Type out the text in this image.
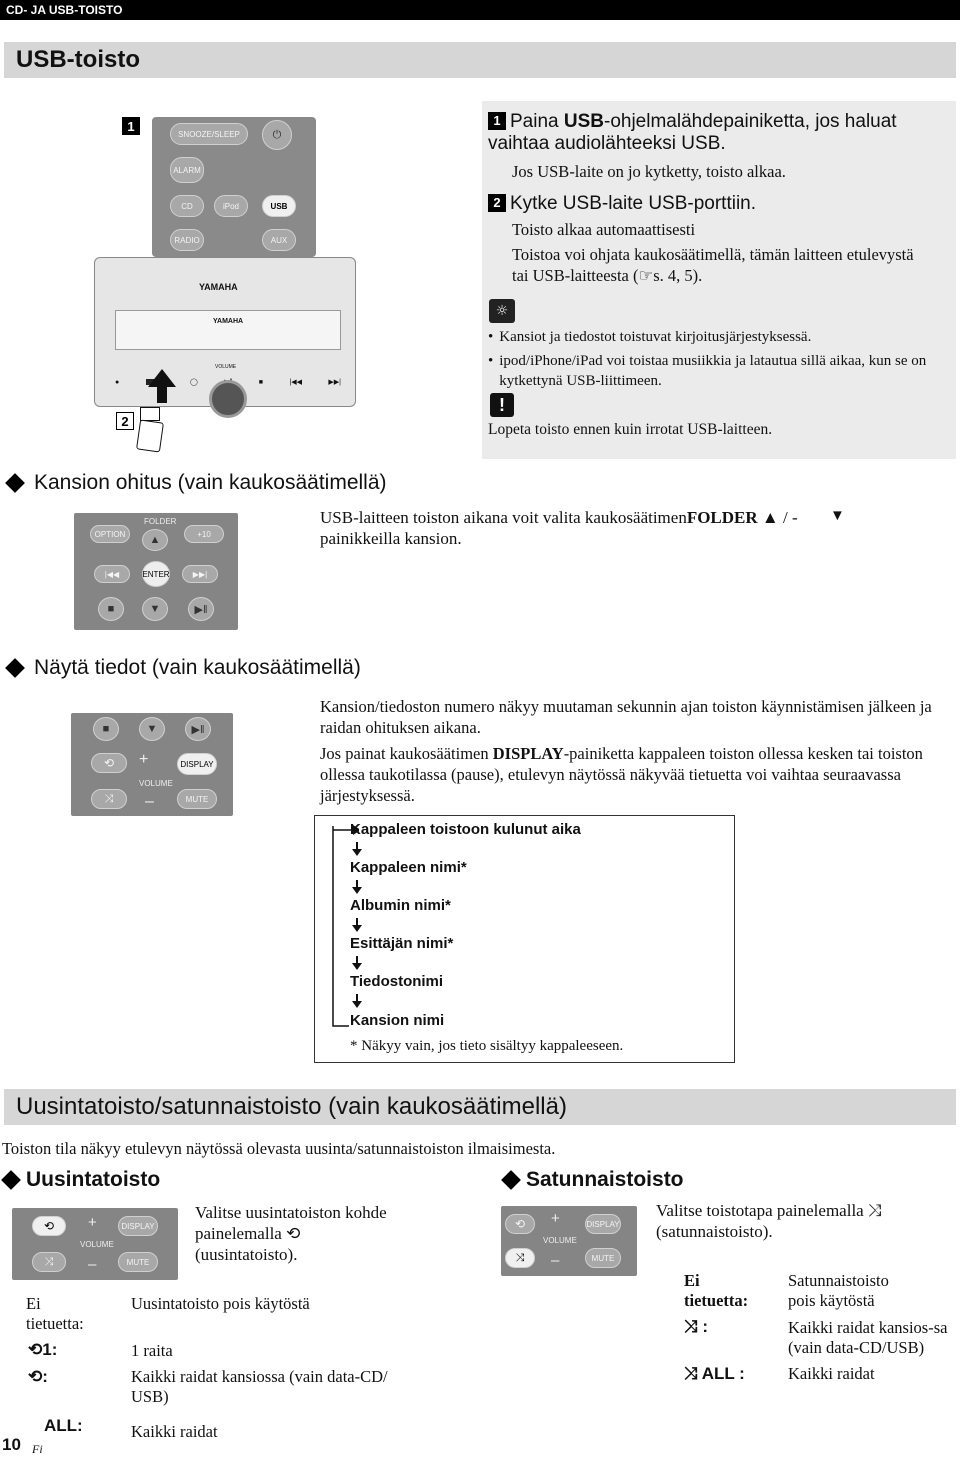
CD- JA USB-TOISTO
USB-toisto
1
2
SNOOZE/SLEEP	⏻
ALARM
CD	iPod	USB
RADIO	AUX
YAMAHA
YAMAHA
●	◯	■	|◀◀	▶▶|
VOLUME
1 Paina USB-ohjelmalähdepainiketta, jos haluat vaihtaa audiolähteeksi USB.
Jos USB-laite on jo kytketty, toisto alkaa.
2 Kytke USB-laite USB-porttiin.
Toisto alkaa automaattisesti
Toistoa voi ohjata kaukosäätimellä, tämän laitteen etulevystä tai USB-laitteesta (☞s. 4, 5).
☼
• Kansiot ja tiedostot toistuvat kirjoitusjärjestyksessä.
• ipod/iPhone/iPad voi toistaa musiikkia ja latautua sillä aikaa, kun se on kytkettynä USB-liittimeen.
!
Lopeta toisto ennen kuin irrotat USB-laitteen.
Kansion ohitus (vain kaukosäätimellä)
OPTION
FOLDER
▲	+10
|◀◀	ENTER	▶▶|
■	▼	▶‖
USB-laitteen toiston aikana voit valita kaukosäätimenFOLDER ▲ / -
painikkeilla kansion.
▼
Näytä tiedot (vain kaukosäätimellä)
■	▼	▶‖
⟲	+
VOLUME
–
DISPLAY
⤨	MUTE
Kansion/tiedoston numero näkyy muutaman sekunnin ajan toiston käynnistämisen jälkeen ja raidan ohituksen aikana.
Jos painat kaukosäätimen DISPLAY-painiketta kappaleen toiston ollessa kesken tai toiston ollessa taukotilassa (pause), etulevyn näytössä näkyvää tietuetta voi vaihtaa seuraavassa järjestyksessä.
Kappaleen toistoon kulunut aika
Kappaleen nimi*
Albumin nimi*
Esittäjän nimi*
Tiedostonimi
Kansion nimi
* Näkyy vain, jos tieto sisältyy kappaleeseen.
Uusintatoisto/satunnaistoisto (vain kaukosäätimellä)
Toiston tila näkyy etulevyn näytössä olevasta uusinta/satunnaistoiston ilmaisimesta.
Uusintatoisto
⟲	+
VOLUME
–
DISPLAY
⤨	MUTE
Valitse uusintatoiston kohde
painelemalla ⟲
(uusintatoisto).
Ei tietuetta:
Uusintatoisto pois käytöstä
⟲1:	1 raita
⟲:	Kaikki raidat kansiossa (vain data-CD/ USB)
ALL:	Kaikki raidat
Satunnaistoisto
⟲	+
VOLUME
–
DISPLAY
⤨	MUTE
Valitse toistotapa painelemalla ⤨
(satunnaistoisto).
Ei tietuetta:
Satunnaistoisto pois käytöstä
⤨ :	Kaikki raidat kansios-sa (vain data-CD/USB)
⤨ ALL :	Kaikki raidat
10 Fi
